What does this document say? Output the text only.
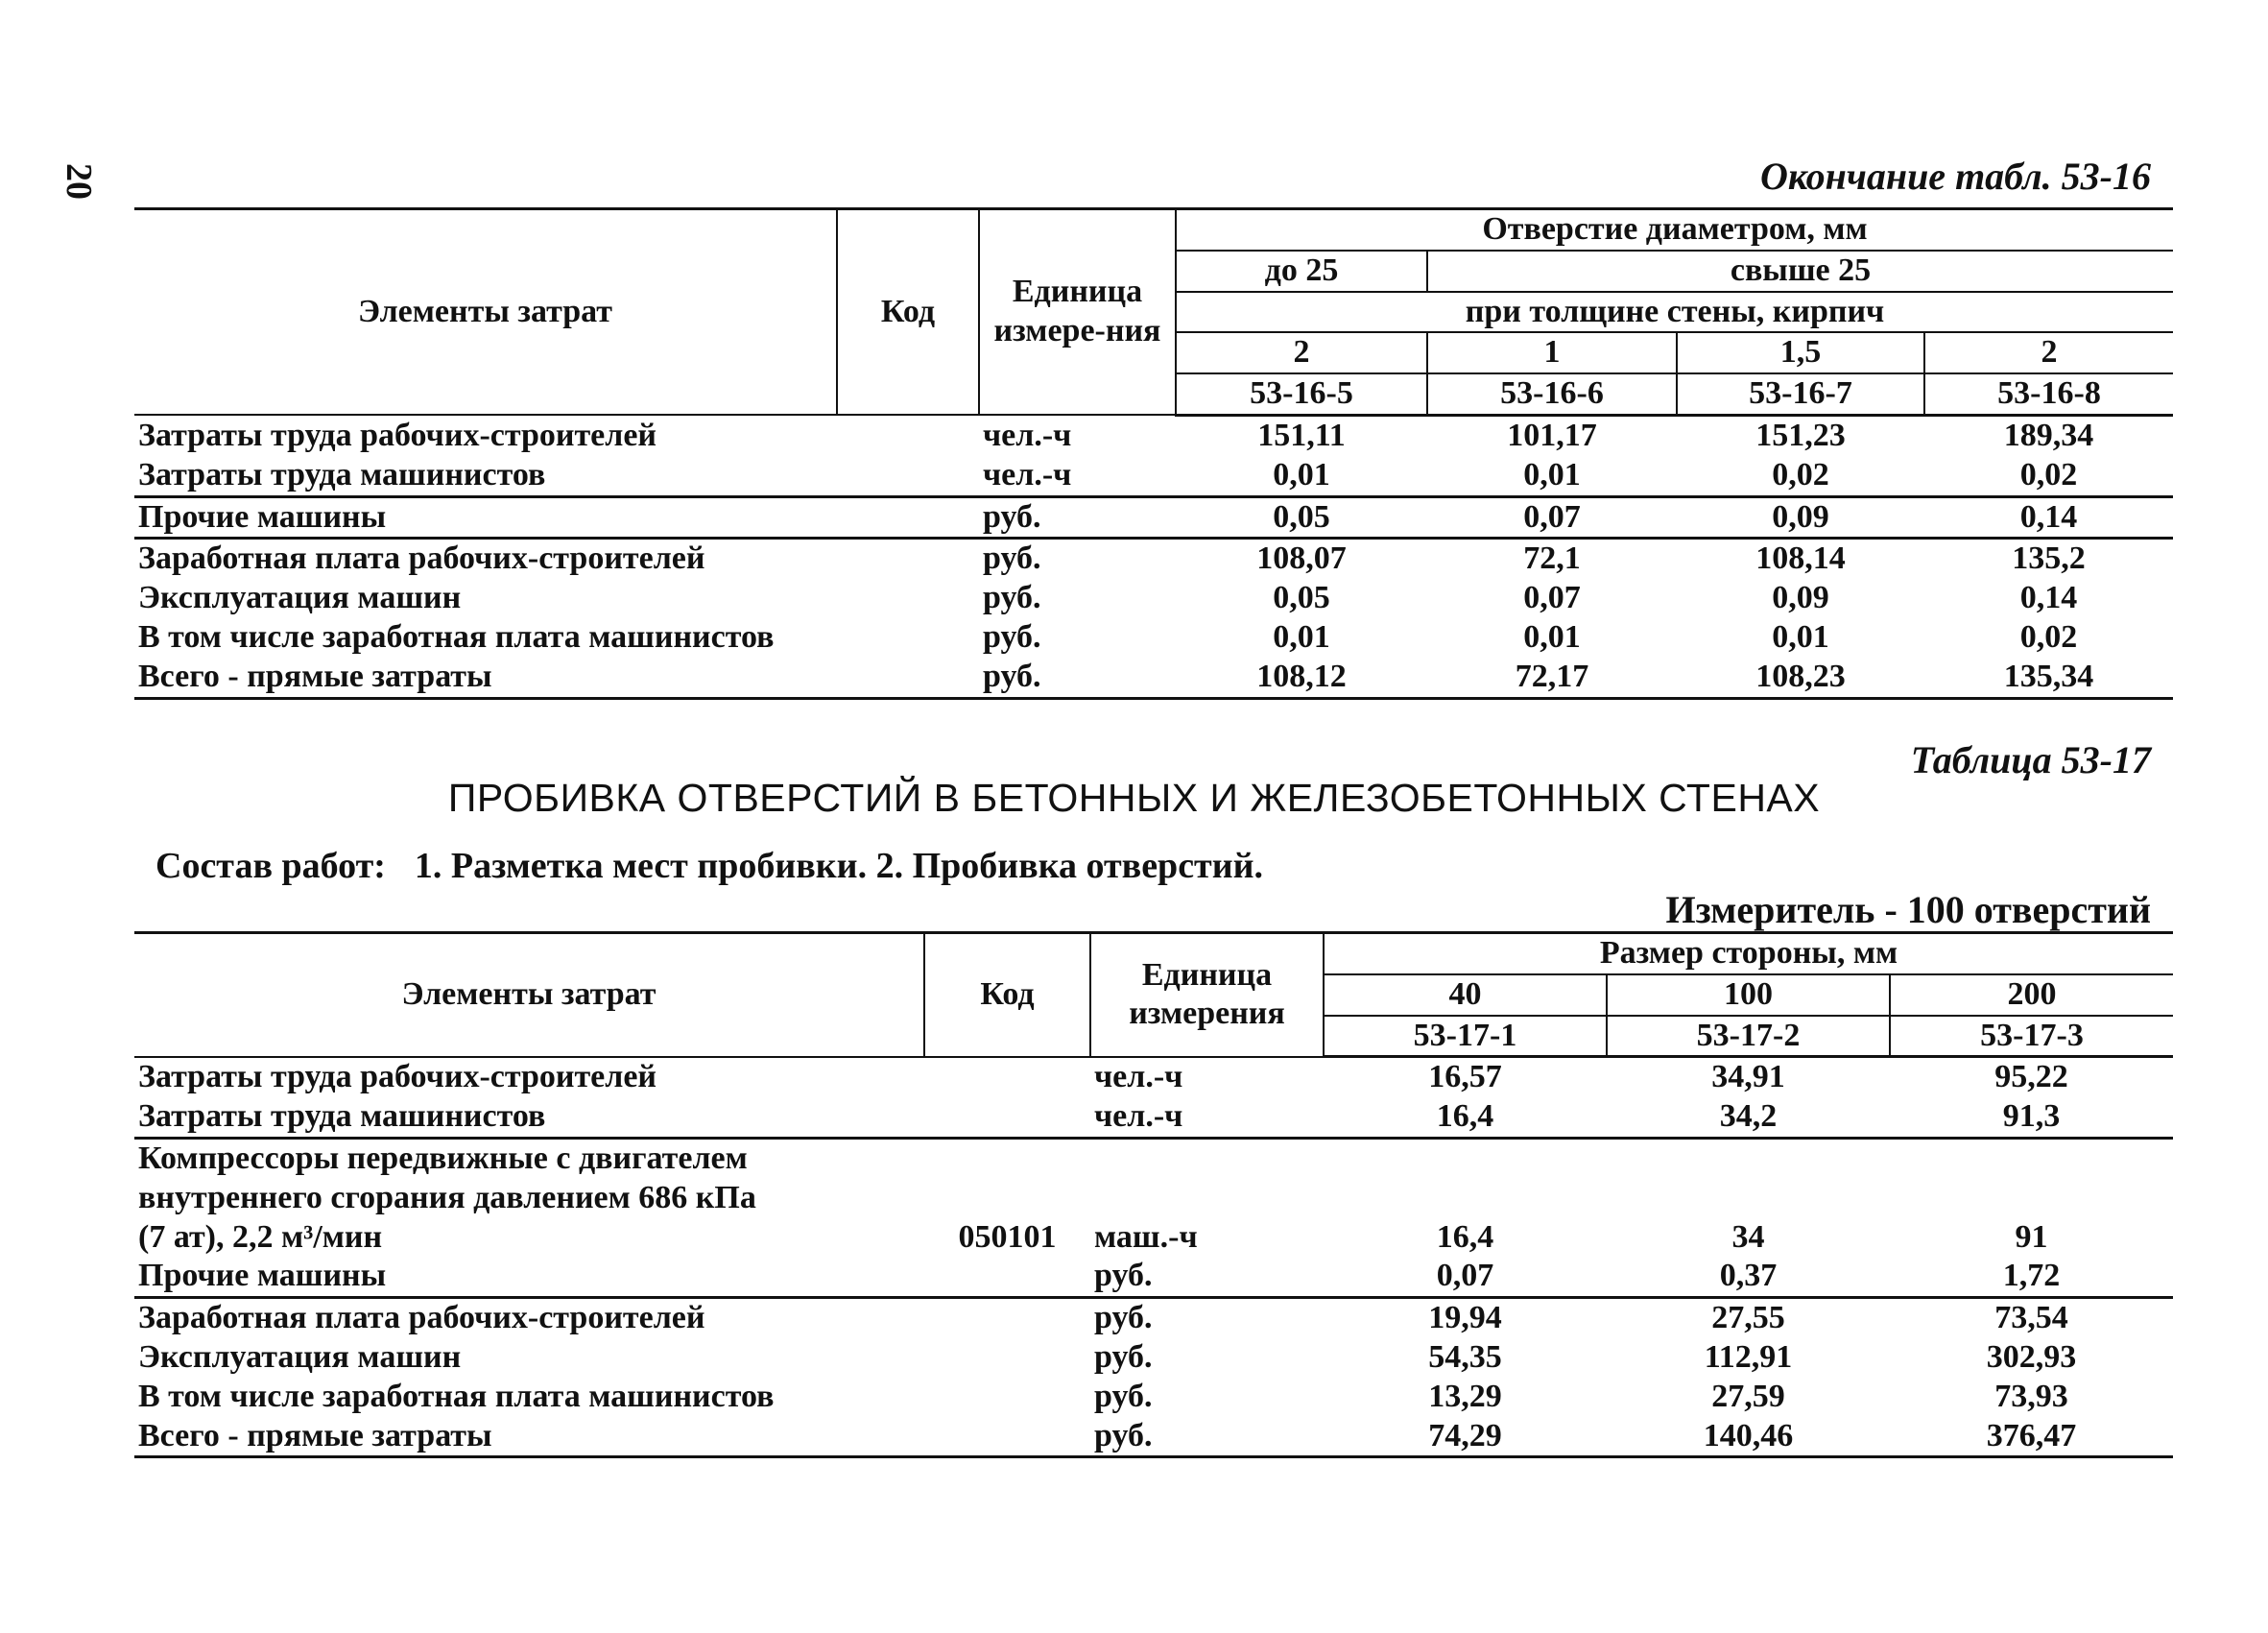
20	Окончание табл. 53-16
Элементы затрат	Код	Единица измере-ния	Отверстие диаметром, мм			
			до 25	свыше 25		
			при толщине стены, кирпич			
			2	1	1,5	2
			53-16-5	53-16-6	53-16-7	53-16-8
Затраты труда рабочих-строителей		чел.-ч	151,11	101,17	151,23	189,34
Затраты труда машинистов		чел.-ч	0,01	0,01	0,02	0,02
Прочие машины		руб.	0,05	0,07	0,09	0,14
Заработная плата рабочих-строителей		руб.	108,07	72,1	108,14	135,2
Эксплуатация машин		руб.	0,05	0,07	0,09	0,14
В том числе заработная плата машинистов		руб.	0,01	0,01	0,01	0,02
Всего - прямые затраты		руб.	108,12	72,17	108,23	135,34
Таблица 53-17
ПРОБИВКА ОТВЕРСТИЙ В БЕТОННЫХ И ЖЕЛЕЗОБЕТОННЫХ СТЕНАХ
Состав работ: 1. Разметка мест пробивки. 2. Пробивка отверстий.
Измеритель - 100 отверстий
Элементы затрат	Код	Единица измерения	Размер стороны, мм		
			40	100	200
			53-17-1	53-17-2	53-17-3
Затраты труда рабочих-строителей		чел.-ч	16,57	34,91	95,22
Затраты труда машинистов		чел.-ч	16,4	34,2	91,3

Компрессоры передвижные с двигателем
внутреннего сгорания давлением 686 кПа
(7 ат), 2,2 м³/мин	050101	маш.-ч	16,4	34	91
Прочие машины		руб.	0,07	0,37	1,72
Заработная плата рабочих-строителей		руб.	19,94	27,55	73,54
Эксплуатация машин		руб.	54,35	112,91	302,93
В том числе заработная плата машинистов		руб.	13,29	27,59	73,93
Всего - прямые затраты		руб.	74,29	140,46	376,47
